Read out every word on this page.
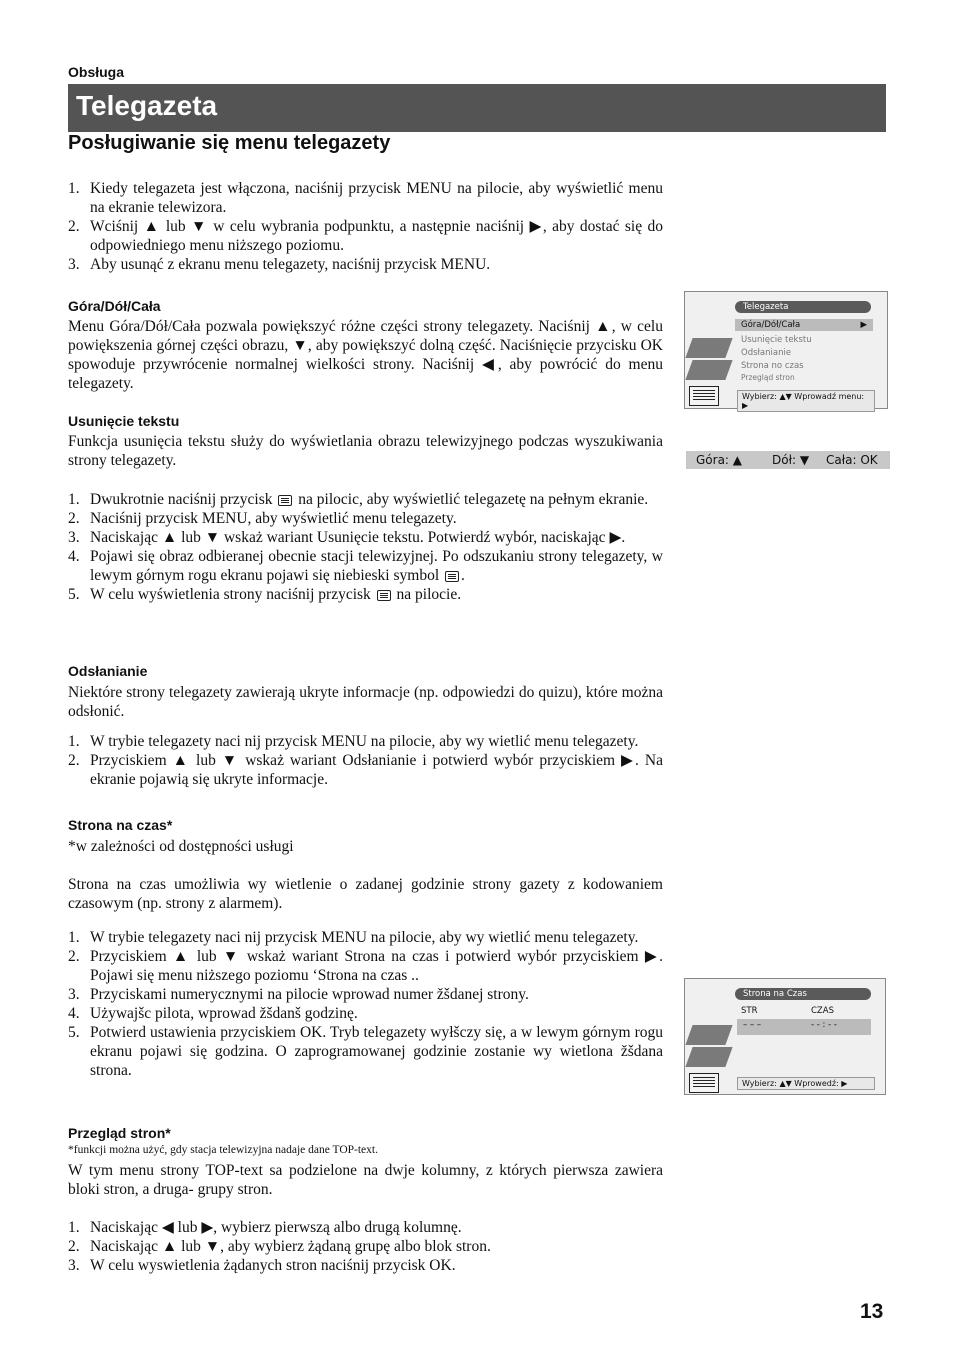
Obsługa
Telegazeta
Posługiwanie się menu telegazety
1. Kiedy telegazeta jest włączona, naciśnij przycisk MENU na pilocie, aby wyświetlić menu na ekranie telewizora.
2. Wciśnij ▲ lub ▼ w celu wybrania podpunktu, a następnie naciśnij ▶, aby dostać się do odpowiedniego menu niższego poziomu.
3. Aby usunąć z ekranu menu telegazety, naciśnij przycisk MENU.
Góra/Dół/Cała
Menu Góra/Dół/Cała pozwala powiększyć różne części strony telegazety. Naciśnij ▲, w celu powiększenia górnej części obrazu, ▼, aby powiększyć dolną część. Naciśnięcie przycisku OK spowoduje przywrócenie normalnej wielkości strony. Naciśnij ◀, aby powrócić do menu telegazety.
Usunięcie tekstu
Funkcja usunięcia tekstu służy do wyświetlania obrazu telewizyjnego podczas wyszukiwania strony telegazety.
1. Dwukrotnie naciśnij przycisk  na pilocic, aby wyświetlić telegazetę na pełnym ekranie.
2. Naciśnij przycisk MENU, aby wyświetlić menu telegazety.
3. Naciskając ▲ lub ▼ wskaż wariant Usunięcie tekstu. Potwierdź wybór, naciskając ▶.
4. Pojawi się obraz odbieranej obecnie stacji telewizyjnej. Po odszukaniu strony telegazety, w lewym górnym rogu ekranu pojawi się niebieski symbol .
5. W celu wyświetlenia strony naciśnij przycisk  na pilocie.
Odsłanianie
Niektóre strony telegazety zawierają ukryte informacje (np. odpowiedzi do quizu), które można odsłonić.
1. W trybie telegazety naci nij przycisk MENU na pilocie, aby wy wietlić menu telegazety.
2. Przyciskiem ▲ lub ▼ wskaż wariant Odsłanianie i potwierd wybór przyciskiem ▶. Na ekranie pojawią się ukryte informacje.
Strona na czas*
*w zależności od dostępności usługi
Strona na czas umożliwia wy wietlenie o zadanej godzinie strony gazety z kodowaniem czasowym (np. strony z alarmem).
1. W trybie telegazety naci nij przycisk MENU na pilocie, aby wy wietlić menu telegazety.
2. Przyciskiem ▲ lub ▼ wskaż wariant Strona na czas i potwierd wybór przyciskiem ▶. Pojawi się menu niższego poziomu ‘Strona na czas ..
3. Przyciskami numerycznymi na pilocie wprowad numer žšdanej strony.
4. Używajšc pilota, wprowad žšdanš godzinę.
5. Potwierd ustawienia przyciskiem OK. Tryb telegazety wyłšczy się, a w lewym górnym rogu ekranu pojawi się godzina. O zaprogramowanej godzinie zostanie wy wietlona žšdana strona.
Przegląd stron*
*funkcji można użyć, gdy stacja telewizyjna nadaje dane TOP-text.
W tym menu strony TOP-text sa podzielone na dwje kolumny, z których pierwsza zawiera bloki stron, a druga- grupy stron.
1. Naciskając ◀ lub ▶, wybierz pierwszą albo drugą kolumnę.
2. Naciskając ▲ lub ▼, aby wybierz żądaną grupę albo blok stron.
3. W celu wyswietlenia żądanych stron naciśnij przycisk OK.
Telegazeta
Góra/Dół/Cała	▶
Usunięcie tekstu
Odsłanianie
Strona no czas
Przegląd stron
Wybierz: ▲▼ Wprowadź menu: ▶
Góra: ▲ Dół: ▼ Cała: OK
Strona na Czas
STR	CZAS
– – –	- - : - -
Wybierz: ▲▼ Wprowedź: ▶
13
